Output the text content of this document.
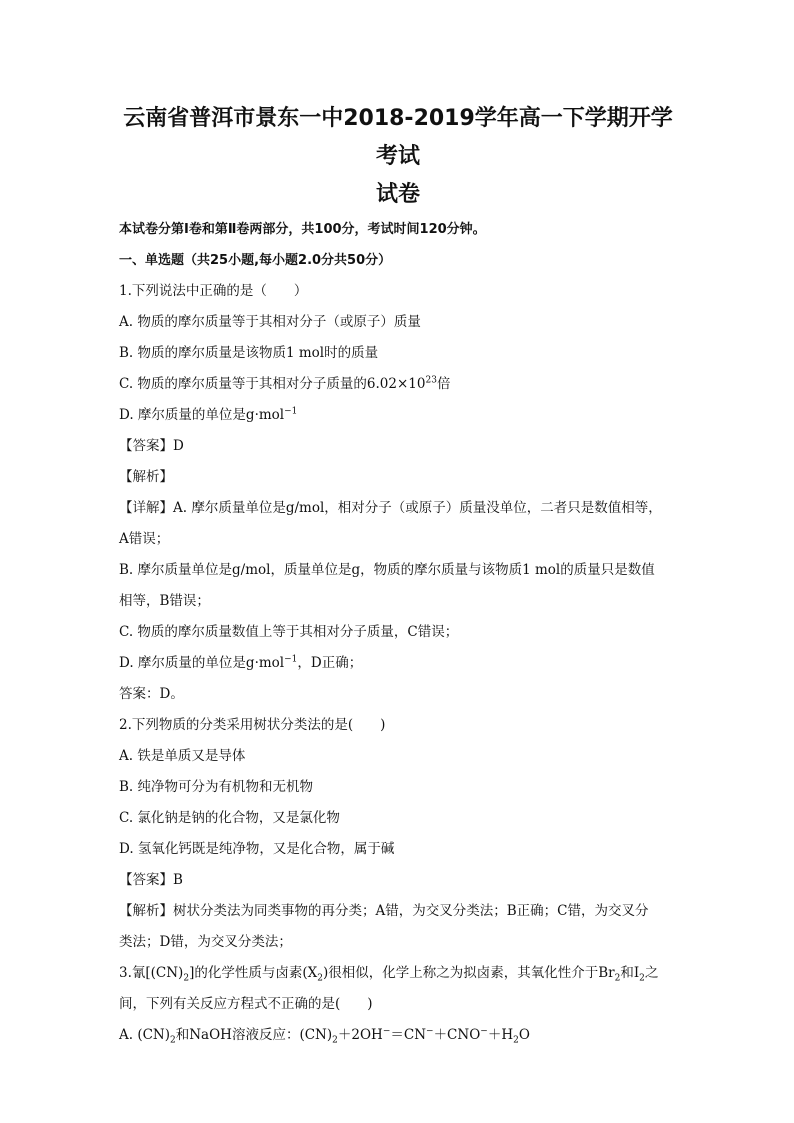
云南省普洱市景东一中2018-2019学年高一下学期开学考试
试卷

本试卷分第Ⅰ卷和第Ⅱ卷两部分，共100分，考试时间120分钟。

一、单选题（共25小题,每小题2.0分共50分）

1.下列说法中正确的是（　　）

A. 物质的摩尔质量等于其相对分子（或原子）质量

B. 物质的摩尔质量是该物质1 mol时的质量

C. 物质的摩尔质量等于其相对分子质量的$6.02\times 10^{23}$倍

D. 摩尔质量的单位是g·mol$^{-1}$

【答案】D

【解析】

【详解】A. 摩尔质量单位是g/mol，相对分子（或原子）质量没单位，二者只是数值相等，

A错误；

B. 摩尔质量单位是g/mol，质量单位是g，物质的摩尔质量与该物质1 mol的质量只是数值

相等，B错误；

C. 物质的摩尔质量数值上等于其相对分子质量，C错误；

D. 摩尔质量的单位是g·mol$^{-1}$，D正确；

答案：D。

2.下列物质的分类采用树状分类法的是(　　)

A. 铁是单质又是导体

B. 纯净物可分为有机物和无机物

C. 氯化钠是钠的化合物，又是氯化物

D. 氢氧化钙既是纯净物，又是化合物，属于碱

【答案】B

【解析】树状分类法为同类事物的再分类；A错，为交叉分类法；B正确；C错，为交叉分

类法；D错，为交叉分类法；

3.氰$[(CN)_2]$的化学性质与卤素$(X_2)$很相似，化学上称之为拟卤素，其氧化性介于$Br_2$和$I_2$之

间，下列有关反应方程式不正确的是(　　)

A. $(CN)_2$和NaOH溶液反应：$(CN)_2+2OH^-=CN^-+CNO^-+H_2O$
